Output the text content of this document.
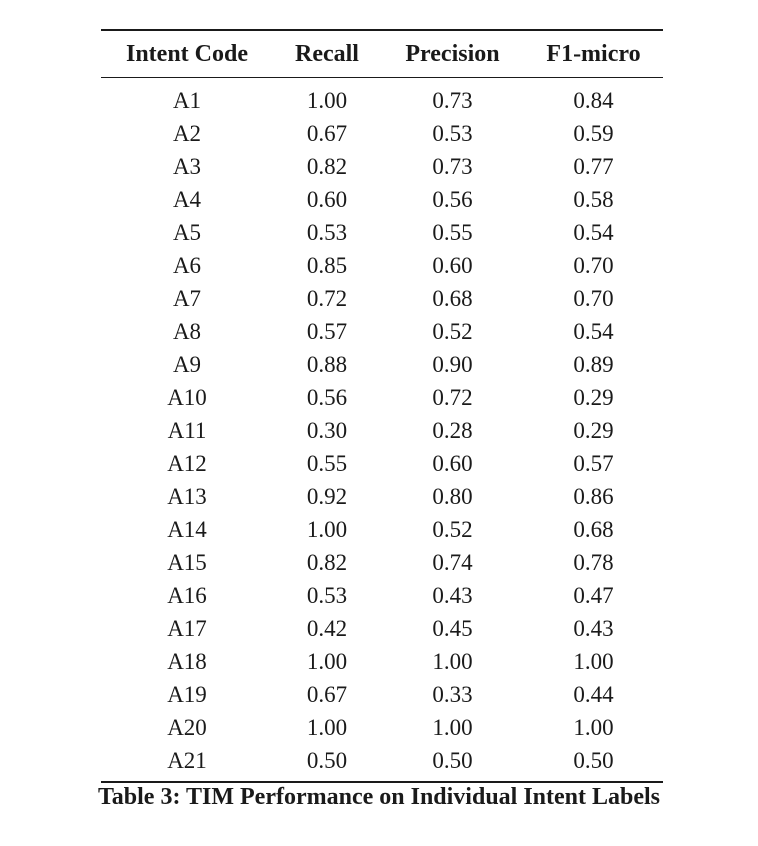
Intent Code	Recall	Precision	F1-micro
A1	1.00	0.73	0.84
A2	0.67	0.53	0.59
A3	0.82	0.73	0.77
A4	0.60	0.56	0.58
A5	0.53	0.55	0.54
A6	0.85	0.60	0.70
A7	0.72	0.68	0.70
A8	0.57	0.52	0.54
A9	0.88	0.90	0.89
A10	0.56	0.72	0.29
A11	0.30	0.28	0.29
A12	0.55	0.60	0.57
A13	0.92	0.80	0.86
A14	1.00	0.52	0.68
A15	0.82	0.74	0.78
A16	0.53	0.43	0.47
A17	0.42	0.45	0.43
A18	1.00	1.00	1.00
A19	0.67	0.33	0.44
A20	1.00	1.00	1.00
A21	0.50	0.50	0.50
Table 3: TIM Performance on Individual Intent Labels
